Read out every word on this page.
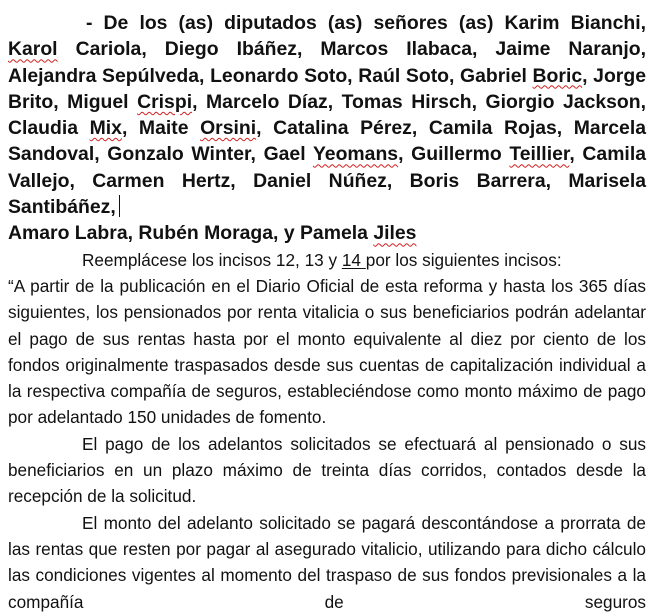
- De los (as) diputados (as) señores (as) Karim Bianchi, Karol Cariola, Diego Ibáñez, Marcos Ilabaca, Jaime Naranjo, Alejandra Sepúlveda, Leonardo Soto, Raúl Soto, Gabriel Boric, Jorge Brito, Miguel Crispi, Marcelo Díaz, Tomas Hirsch, Giorgio Jackson, Claudia Mix, Maite Orsini, Catalina Pérez, Camila Rojas, Marcela Sandoval, Gonzalo Winter, Gael Yeomans, Guillermo Teillier, Camila Vallejo, Carmen Hertz, Daniel Núñez, Boris Barrera, Marisela Santibáñez,
Amaro Labra, Rubén Moraga, y Pamela Jiles

Reemplácese los incisos 12, 13 y 14 por los siguientes incisos:

“A partir de la publicación en el Diario Oficial de esta reforma y hasta los 365 días siguientes, los pensionados por renta vitalicia o sus beneficiarios podrán adelantar el pago de sus rentas hasta por el monto equivalente al diez por ciento de los fondos originalmente traspasados desde sus cuentas de capitalización individual a la respectiva compañía de seguros, estableciéndose como monto máximo de pago por adelantado 150 unidades de fomento.

El pago de los adelantos solicitados se efectuará al pensionado o sus beneficiarios en un plazo máximo de treinta días corridos, contados desde la recepción de la solicitud.

El monto del adelanto solicitado se pagará descontándose a prorrata de las rentas que resten por pagar al asegurado vitalicio, utilizando para dicho cálculo las condiciones vigentes al momento del traspaso de sus fondos previsionales a la compañía de seguros
